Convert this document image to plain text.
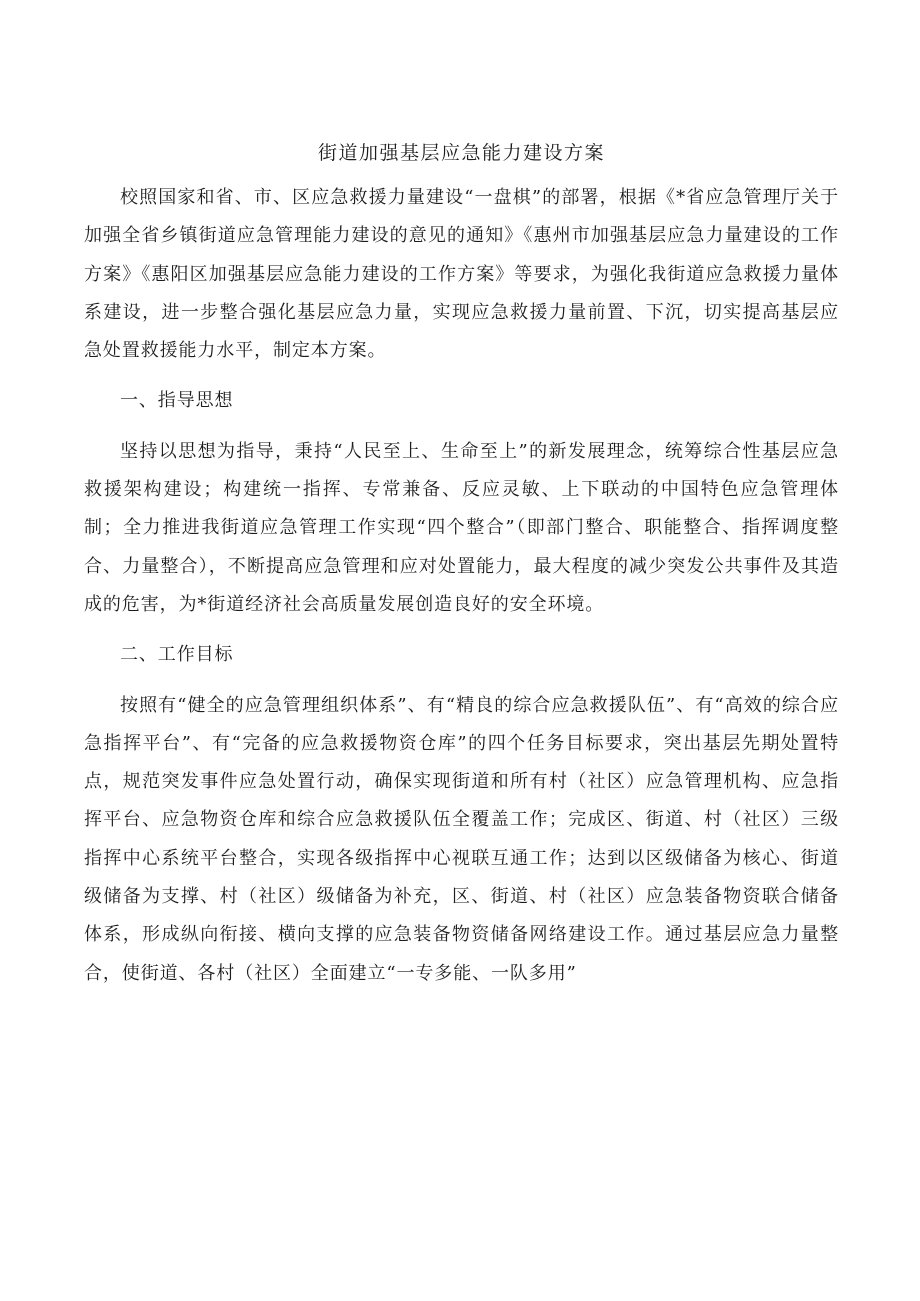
街道加强基层应急能力建设方案

校照国家和省、市、区应急救援力量建设“一盘棋”的部署，根据《*省应急管理厅关于加强全省乡镇街道应急管理能力建设的意见的通知》《惠州市加强基层应急力量建设的工作方案》《惠阳区加强基层应急能力建设的工作方案》等要求，为强化我街道应急救援力量体系建设，进一步整合强化基层应急力量，实现应急救援力量前置、下沉，切实提高基层应急处置救援能力水平，制定本方案。

一、指导思想

坚持以思想为指导，秉持“人民至上、生命至上”的新发展理念，统筹综合性基层应急救援架构建设；构建统一指挥、专常兼备、反应灵敏、上下联动的中国特色应急管理体制；全力推进我街道应急管理工作实现“四个整合”（即部门整合、职能整合、指挥调度整合、力量整合），不断提高应急管理和应对处置能力，最大程度的减少突发公共事件及其造成的危害，为*街道经济社会高质量发展创造良好的安全环境。

二、工作目标

按照有“健全的应急管理组织体系”、有“精良的综合应急救援队伍”、有“高效的综合应急指挥平台”、有“完备的应急救援物资仓库”的四个任务目标要求，突出基层先期处置特点，规范突发事件应急处置行动，确保实现街道和所有村（社区）应急管理机构、应急指挥平台、应急物资仓库和综合应急救援队伍全覆盖工作；完成区、街道、村（社区）三级指挥中心系统平台整合，实现各级指挥中心视联互通工作；达到以区级储备为核心、街道级储备为支撑、村（社区）级储备为补充，区、街道、村（社区）应急装备物资联合储备体系，形成纵向衔接、横向支撑的应急装备物资储备网络建设工作。通过基层应急力量整合，使街道、各村（社区）全面建立“一专多能、一队多用”
